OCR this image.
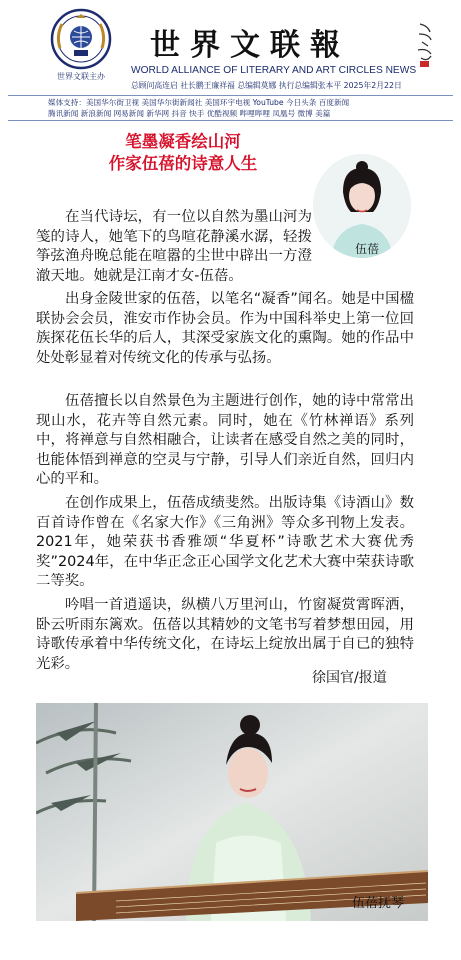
世界文联主办
世界文联報
WORLD ALLIANCE OF LITERARY AND ART CIRCLES NEWS
总顾问高连启 社长鹏王廉祥福 总编辑莫娜 执行总编辑张本平 2025年2月22日
媒体支持：美国华尔街卫视 美国华尔街新闻社 美国环宇电视 YouTube 今日头条 百度新闻
腾讯新闻 新浪新闻 网易新闻 新华网 抖音 快手 优酷视频 哔哩哔哩 凤凰号 微博 美篇
笔墨凝香绘山河
作家伍蓓的诗意人生
伍蓓

在当代诗坛，有一位以自然为墨山河为笺的诗人，她笔下的鸟喧花静溪水潺，轻拨筝弦渔舟晚总能在喧嚣的尘世中辟出一方澄澈天地。她就是江南才女-伍蓓。

出身金陵世家的伍蓓，以笔名“凝香”闻名。她是中国楹联协会会员，淮安市作协会员。作为中国科举史上第一位回族探花伍长华的后人，其深受家族文化的熏陶。她的作品中处处彰显着对传统文化的传承与弘扬。

伍蓓擅长以自然景色为主题进行创作，她的诗中常常出现山水，花卉等自然元素。同时，她在《竹林禅语》系列中，将禅意与自然相融合，让读者在感受自然之美的同时，也能体悟到禅意的空灵与宁静，引导人们亲近自然，回归内心的平和。

在创作成果上，伍蓓成绩斐然。出版诗集《诗酒山》数百首诗作曾在《名家大作》《三角洲》等众多刊物上发表。2021年，她荣获书香雅颂“华夏杯”诗歌艺术大赛优秀奖”2024年，在中华正念正心国学文化艺术大赛中荣获诗歌二等奖。

吟唱一首逍遥诀，纵横八万里河山，竹窗凝赏霄晖洒，卧云听雨东篱欢。伍蓓以其精妙的文笔书写着梦想田园，用诗歌传承着中华传统文化，在诗坛上绽放出属于自已的独特光彩。

徐国官/报道
伍蓓抚琴
